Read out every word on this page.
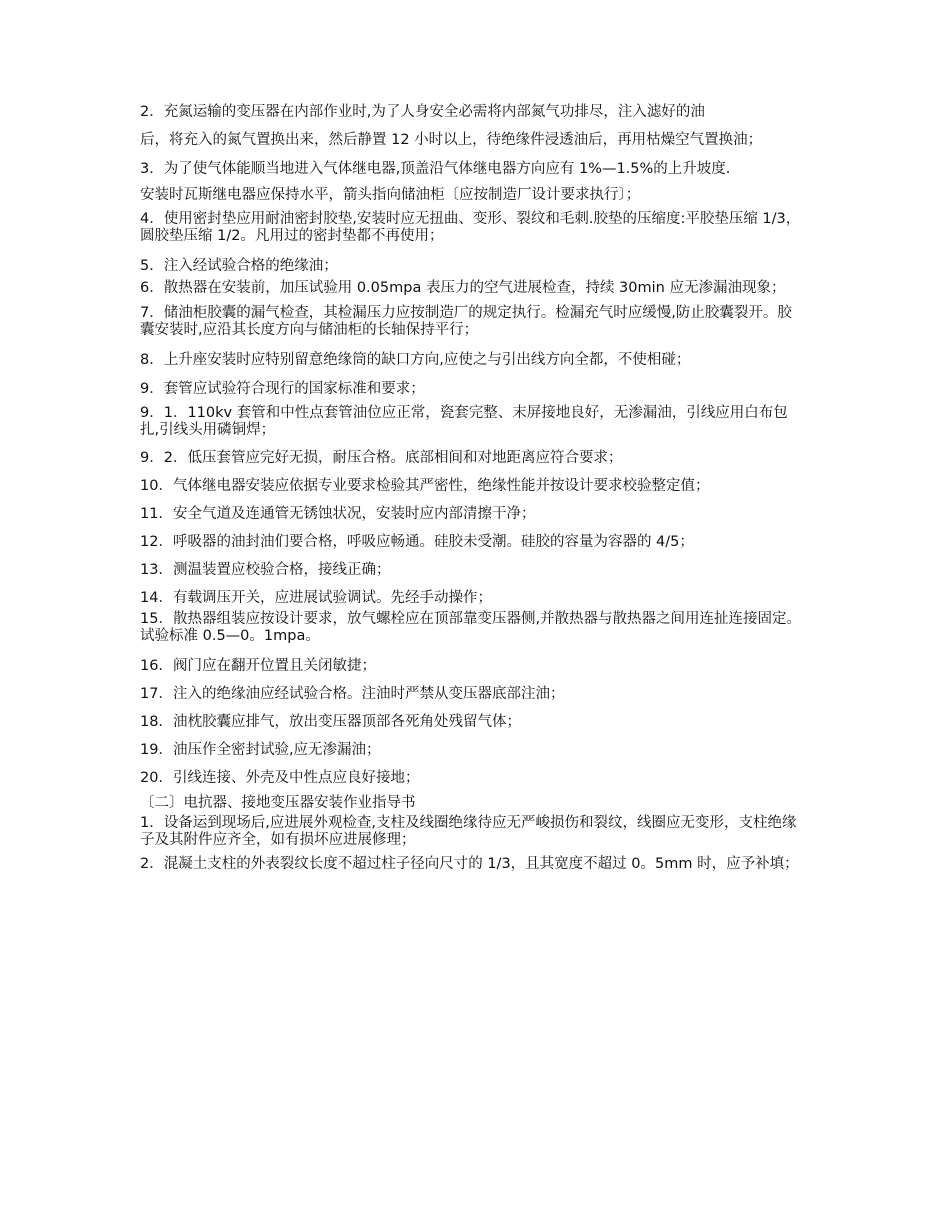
2．充氮运输的变压器在内部作业时,为了人身安全必需将内部氮气功排尽，注入滤好的油

后，将充入的氮气置换出来，然后静置 12 小时以上，待绝缘件浸透油后，再用枯燥空气置换油；

3．为了使气体能顺当地进入气体继电器,顶盖沿气体继电器方向应有 1%—1.5%的上升坡度.

安装时瓦斯继电器应保持水平，箭头指向储油柜〔应按制造厂设计要求执行〕；

4．使用密封垫应用耐油密封胶垫,安装时应无扭曲、变形、裂纹和毛刺.胶垫的压缩度:平胶垫压缩 1/3，圆胶垫压缩 1/2。凡用过的密封垫都不再使用；

5．注入经试验合格的绝缘油；

6．散热器在安装前，加压试验用 0.05mpa 表压力的空气进展检查，持续 30min 应无渗漏油现象；

7．储油柜胶囊的漏气检查，其检漏压力应按制造厂的规定执行。检漏充气时应缓慢,防止胶囊裂开。胶囊安装时,应沿其长度方向与储油柜的长轴保持平行；

8．上升座安装时应特别留意绝缘筒的缺口方向,应使之与引出线方向全都，不使相碰；

9．套管应试验符合现行的国家标准和要求；

9．1．110kv 套管和中性点套管油位应正常，瓷套完整、末屏接地良好，无渗漏油，引线应用白布包扎,引线头用磷铜焊；

9．2．低压套管应完好无损，耐压合格。底部相间和对地距离应符合要求；

10．气体继电器安装应依据专业要求检验其严密性，绝缘性能并按设计要求校验整定值；

11．安全气道及连通管无锈蚀状况，安装时应内部清擦干净；

12．呼吸器的油封油们要合格，呼吸应畅通。硅胶未受潮。硅胶的容量为容器的 4/5；

13．测温装置应校验合格，接线正确；

14．有载调压开关，应进展试验调试。先经手动操作；

15．散热器组装应按设计要求，放气螺栓应在顶部靠变压器侧,并散热器与散热器之间用连扯连接固定。试验标准 0.5—0。1mpa。

16．阀门应在翻开位置且关闭敏捷；

17．注入的绝缘油应经试验合格。注油时严禁从变压器底部注油；

18．油枕胶囊应排气，放出变压器顶部各死角处残留气体；

19．油压作全密封试验,应无渗漏油；

20．引线连接、外壳及中性点应良好接地；

〔二〕电抗器、接地变压器安装作业指导书

1．设备运到现场后,应进展外观检查,支柱及线圈绝缘待应无严峻损伤和裂纹，线圈应无变形，支柱绝缘子及其附件应齐全，如有损坏应进展修理；

2．混凝土支柱的外表裂纹长度不超过柱子径向尺寸的 1/3，且其宽度不超过 0。5mm 时，应予补填；
